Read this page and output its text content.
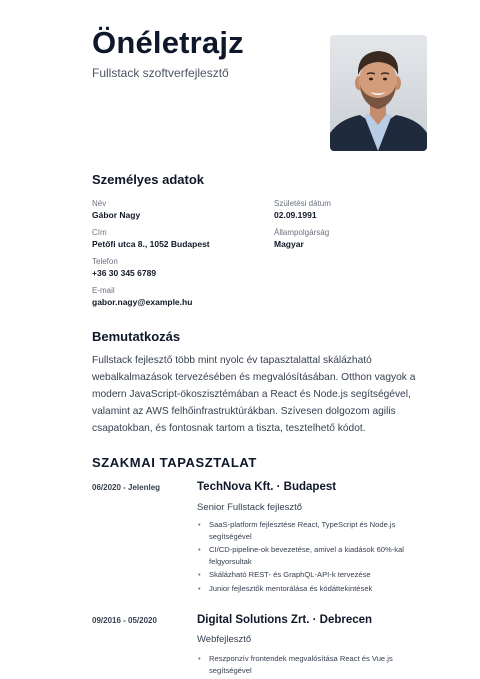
Önéletrajz
Fullstack szoftverfejlesztő
Személyes adatok
Név
Gábor Nagy
Cím
Petőfi utca 8., 1052 Budapest
Telefon
+36 30 345 6789
E-mail
gabor.nagy@example.hu
Születési dátum
02.09.1991
Állampolgárság
Magyar
Bemutatkozás
Fullstack fejlesztő több mint nyolc év tapasztalattal skálázható webalkalmazások tervezésében és megvalósításában. Otthon vagyok a modern JavaScript-ökoszisztémában a React és Node.js segítségével, valamint az AWS felhőinfrastruktúrákban. Szívesen dolgozom agilis csapatokban, és fontosnak tartom a tiszta, tesztelhető kódot.
SZAKMAI TAPASZTALAT
06/2020 - Jelenleg	TechNova Kft. · Budapest
Senior Fullstack fejlesztő
• SaaS-platform fejlesztése React, TypeScript és Node.js segítségével
• CI/CD-pipeline-ok bevezetése, amivel a kiadások 60%-kal felgyorsultak
• Skálázható REST- és GraphQL-API-k tervezése
• Junior fejlesztők mentorálása és kódáttekintések
09/2016 - 05/2020	Digital Solutions Zrt. · Debrecen
Webfejlesztő
• Reszponzív frontendek megvalósítása React és Vue.js segítségével
